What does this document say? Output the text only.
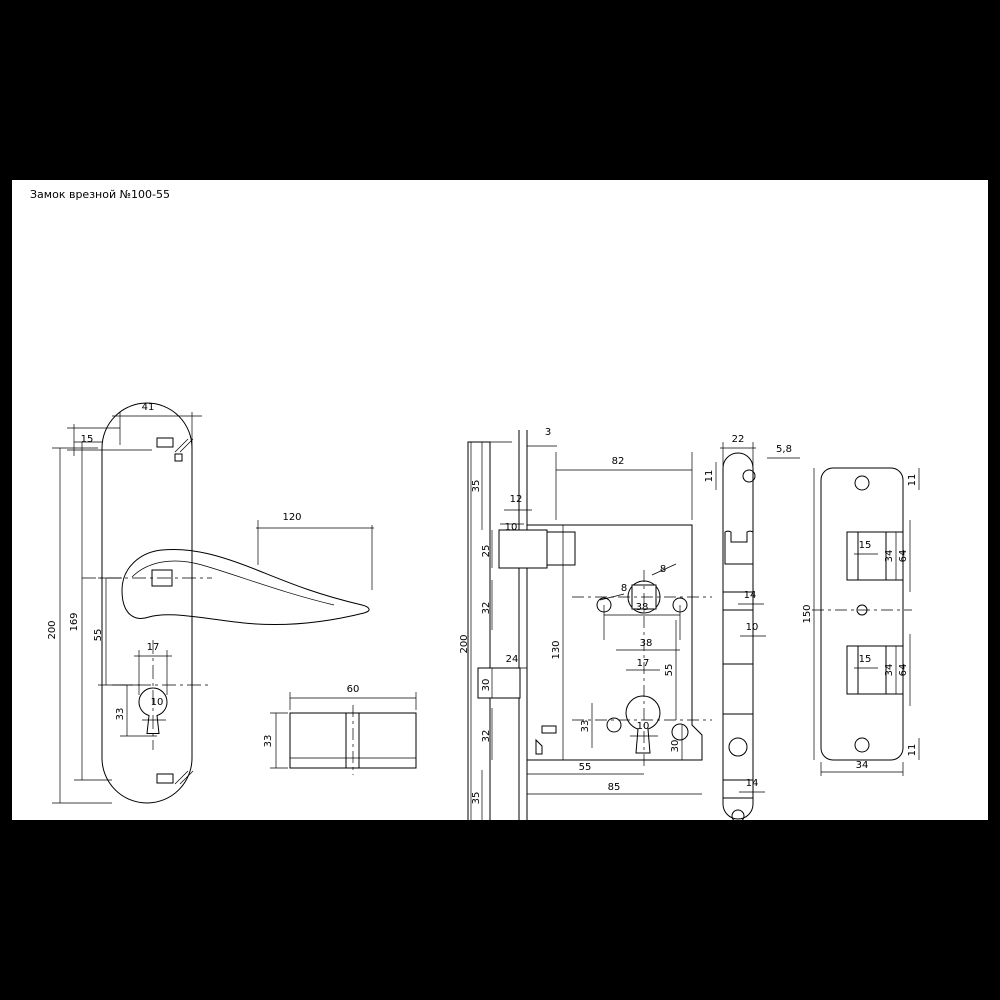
Замок врезной №100-55
41
15
120
200 169
55
17
33
10
60
33
3
82
35
12
10
25
32
24
30
32
35
200	130
8
8
38
55
38
17
33	10
30
55
85
22
5,8
11
14
10
14
150
11
11
15
15
34
34
64
64
34
110
Квадратный стержень 8х8
М4х35
Стяжной винт,
2 шт.
М4
Стяжная втулка,
2 шт.
М4х12
Стяжной винт,
2 шт.
М5х50
Винт цилиндра,
1 шт.
Шуруп М3,5х23
Шурупы
корпуса замка, 2 шт.
